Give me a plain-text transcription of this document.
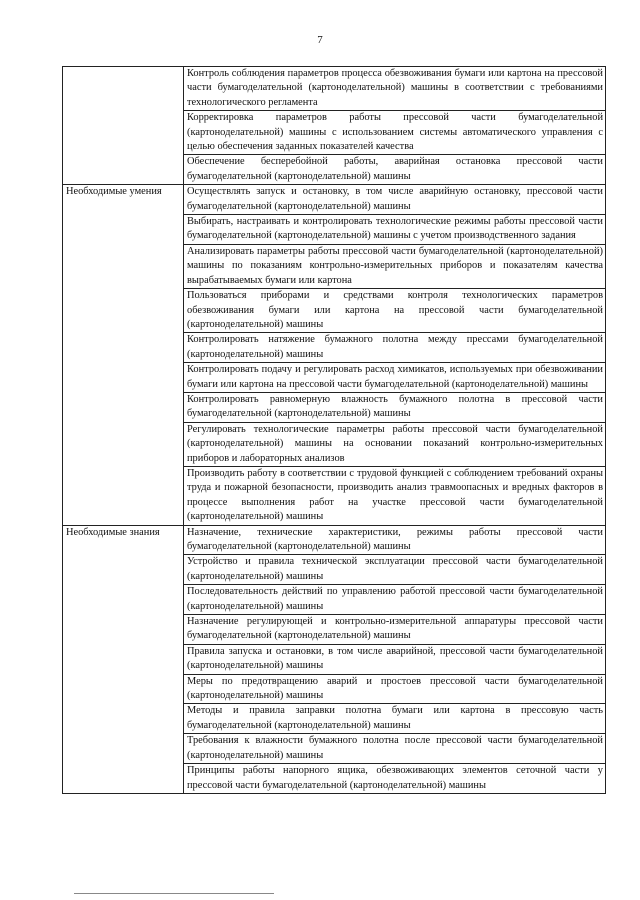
7
	Контроль соблюдения параметров процесса обезвоживания бумаги или картона на прессовой части бумагоделательной (картоноделательной) машины в соответствии с требованиями технологического регламента
	Корректировка параметров работы прессовой части бумагоделательной (картоноделательной) машины с использованием системы автоматического управления с целью обеспечения заданных показателей качества
	Обеспечение бесперебойной работы, аварийная остановка прессовой части бумагоделательной (картоноделательной) машины
Необходимые умения	Осуществлять запуск и остановку, в том числе аварийную остановку, прессовой части бумагоделательной (картоноделательной) машины
	Выбирать, настраивать и контролировать технологические режимы работы прессовой части бумагоделательной (картоноделательной) машины с учетом производственного задания
	Анализировать параметры работы прессовой части бумагоделательной (картоноделательной) машины по показаниям контрольно-измерительных приборов и показателям качества вырабатываемых бумаги или картона
	Пользоваться приборами и средствами контроля технологических параметров обезвоживания бумаги или картона на прессовой части бумагоделательной (картоноделательной) машины
	Контролировать натяжение бумажного полотна между прессами бумагоделательной (картоноделательной) машины
	Контролировать подачу и регулировать расход химикатов, используемых при обезвоживании бумаги или картона на прессовой части бумагоделательной (картоноделательной) машины
	Контролировать равномерную влажность бумажного полотна в прессовой части бумагоделательной (картоноделательной) машины
	Регулировать технологические параметры работы прессовой части бумагоделательной (картоноделательной) машины на основании показаний контрольно-измерительных приборов и лабораторных анализов
	Производить работу в соответствии с трудовой функцией с соблюдением требований охраны труда и пожарной безопасности, производить анализ травмоопасных и вредных факторов в процессе выполнения работ на участке прессовой части бумагоделательной (картоноделательной) машины
Необходимые знания	Назначение, технические характеристики, режимы работы прессовой части бумагоделательной (картоноделательной) машины
	Устройство и правила технической эксплуатации прессовой части бумагоделательной (картоноделательной) машины
	Последовательность действий по управлению работой прессовой части бумагоделательной (картоноделательной) машины
	Назначение регулирующей и контрольно-измерительной аппаратуры прессовой части бумагоделательной (картоноделательной) машины
	Правила запуска и остановки, в том числе аварийной, прессовой части бумагоделательной (картоноделательной) машины
	Меры по предотвращению аварий и простоев прессовой части бумагоделательной (картоноделательной) машины
	Методы и правила заправки полотна бумаги или картона в прессовую часть бумагоделательной (картоноделательной) машины
	Требования к влажности бумажного полотна после прессовой части бумагоделательной (картоноделательной) машины
	Принципы работы напорного ящика, обезвоживающих элементов сеточной части у прессовой части бумагоделательной (картоноделательной) машины
